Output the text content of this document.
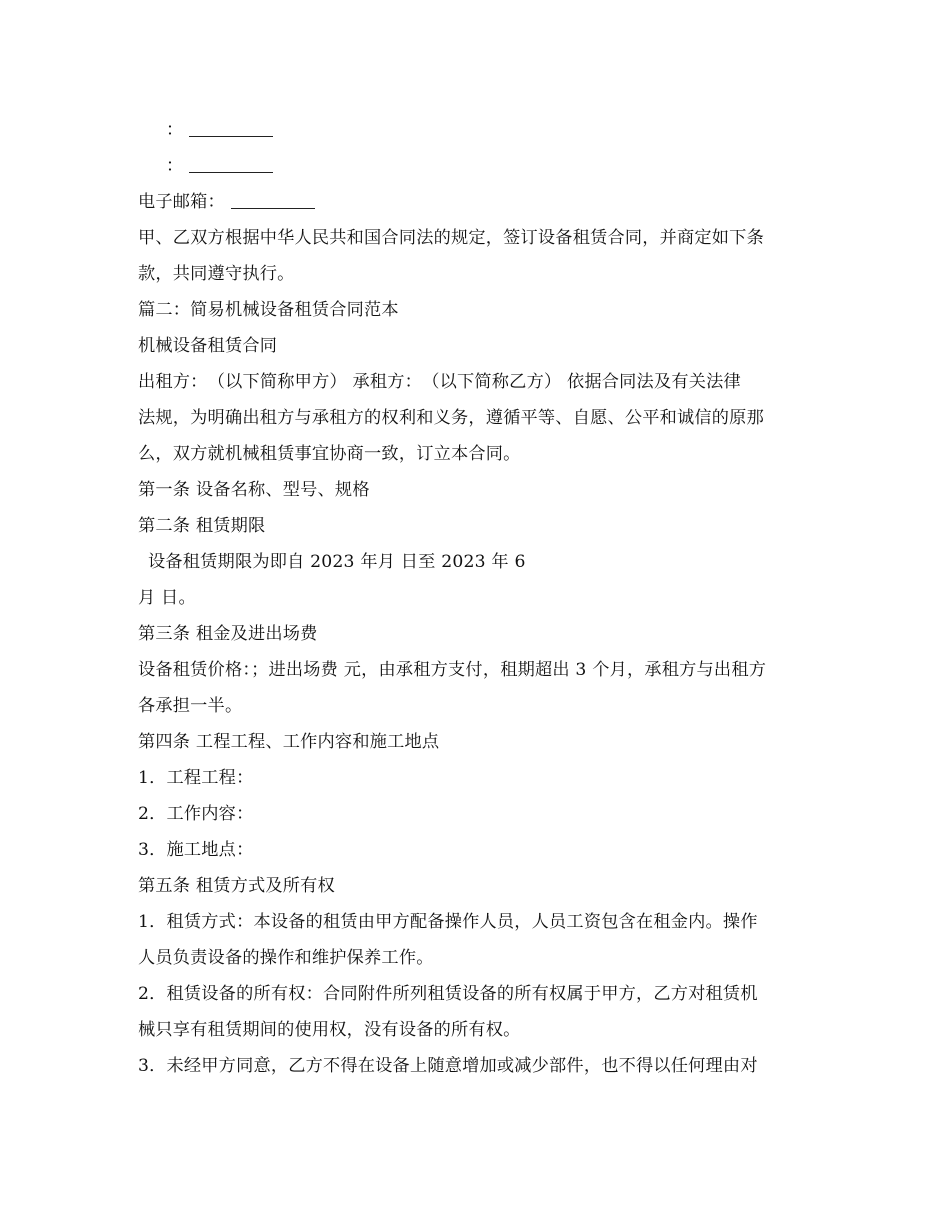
：
：
电子邮箱：
甲、乙双方根据中华人民共和国合同法的规定，签订设备租赁合同，并商定如下条
款，共同遵守执行。
篇二：简易机械设备租赁合同范本
机械设备租赁合同
出租方：　（以下简称甲方） 承租方：　（以下简称乙方） 依据合同法及有关法律
法规，为明确出租方与承租方的权利和义务，遵循平等、自愿、公平和诚信的原那
么，双方就机械租赁事宜协商一致，订立本合同。
第一条 设备名称、型号、规格
第二条 租赁期限
设备租赁期限为即自 2023 年月 日至 2023 年 6
月 日。
第三条 租金及进出场费
设备租赁价格：；进出场费 元，由承租方支付，租期超出 3 个月，承租方与出租方
各承担一半。
第四条 工程工程、工作内容和施工地点
1．工程工程：
2．工作内容：
3．施工地点：
第五条 租赁方式及所有权
1．租赁方式：本设备的租赁由甲方配备操作人员，人员工资包含在租金内。操作
人员负责设备的操作和维护保养工作。
2．租赁设备的所有权：合同附件所列租赁设备的所有权属于甲方，乙方对租赁机
械只享有租赁期间的使用权，没有设备的所有权。
3．未经甲方同意，乙方不得在设备上随意增加或减少部件，也不得以任何理由对
